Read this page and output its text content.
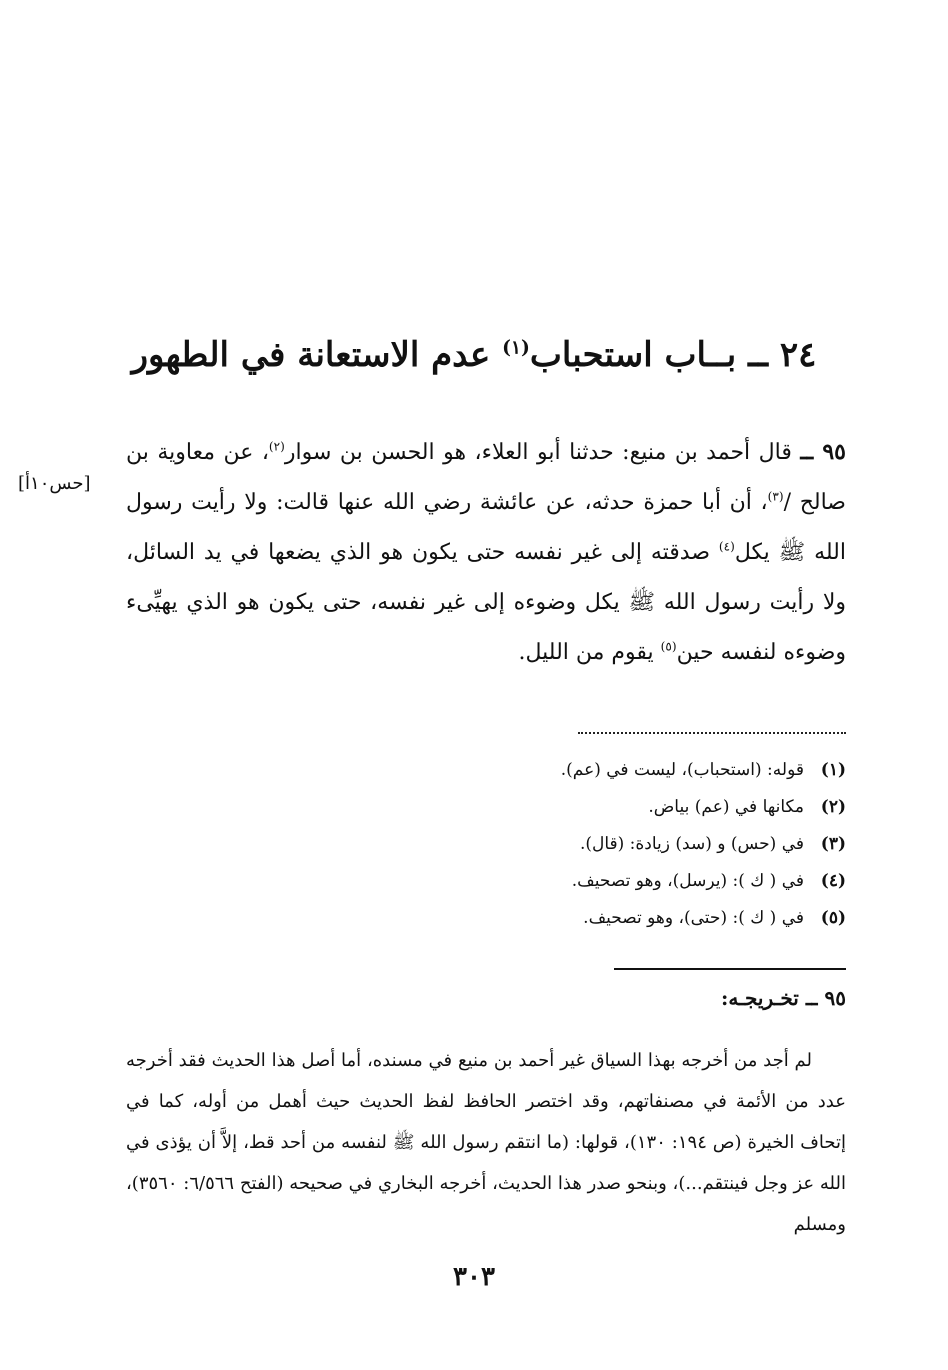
٢٤ ــ بــاب استحباب$^{(١)}$ عدم الاستعانة في الطهور

٩٥ ــ قال أحمد بن منيع: حدثنا أبو العلاء، هو الحسن بن سوار$^{(٢)}$، عن معاوية بن صالح /$^{(٣)}$، أن أبا حمزة حدثه، عن عائشة رضي الله عنها قالت: ولا رأيت رسول الله ﷺ يكل$^{(٤)}$ صدقته إلى غير نفسه حتى يكون هو الذي يضعها في يد السائل، ولا رأيت رسول الله ﷺ يكل وضوءه إلى غير نفسه، حتى يكون هو الذي يهيِّىء وضوءه لنفسه حين$^{(٥)}$ يقوم من الليل.

[حس١٠أ]
(١)
قوله: (استحباب)، ليست في (عم).
(٢)
مكانها في (عم) بياض.
(٣)
في (حس) و (سد) زيادة: (قال).
(٤)
في ( ك ): (يرسل)، وهو تصحيف.
(٥)
في ( ك ): (حتى)، وهو تصحيف.
٩٥ ــ تخـريجـه:

لم أجد من أخرجه بهذا السياق غير أحمد بن منيع في مسنده، أما أصل هذا الحديث فقد أخرجه عدد من الأئمة في مصنفاتهم، وقد اختصر الحافظ لفظ الحديث حيث أهمل من أوله، كما في إتحاف الخيرة (ص ١٩٤: ١٣٠)، قولها: (ما انتقم رسول الله ﷺ لنفسه من أحد قط، إلاَّ أن يؤذى في الله عز وجل فينتقم...)، وبنحو صدر هذا الحديث، أخرجه البخاري في صحيحه (الفتح ٦/٥٦٦: ٣٥٦٠)، ومسلم

٣٠٣
